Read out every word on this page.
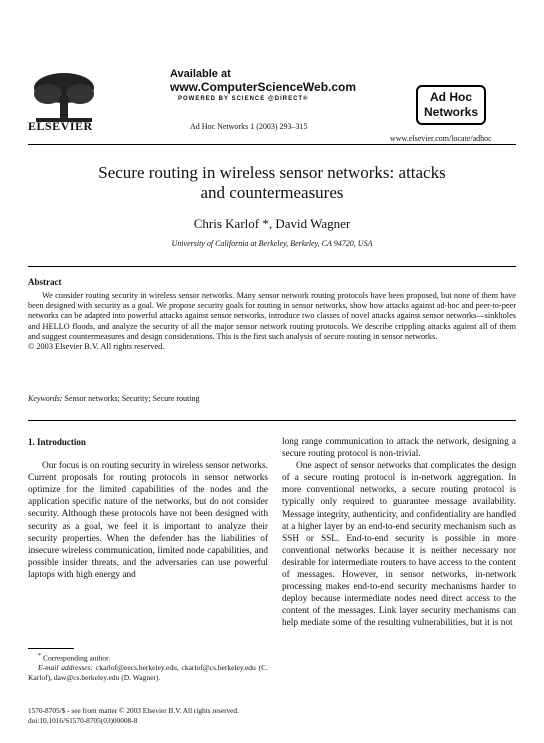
ELSEVIER
Available at
www.ComputerScienceWeb.com
POWERED BY SCIENCE @DIRECT®
Ad Hoc Networks 1 (2003) 293–315
Ad Hoc
Networks
www.elsevier.com/locate/adhoc
Secure routing in wireless sensor networks: attacks
and countermeasures
Chris Karlof *, David Wagner
University of California at Berkeley, Berkeley, CA 94720, USA
Abstract

We consider routing security in wireless sensor networks. Many sensor network routing protocols have been proposed, but none of them have been designed with security as a goal. We propose security goals for routing in sensor networks, show how attacks against ad-hoc and peer-to-peer networks can be adapted into powerful attacks against sensor networks, introduce two classes of novel attacks against sensor networks—sinkholes and HELLO floods, and analyze the security of all the major sensor network routing protocols. We describe crippling attacks against all of them and suggest countermeasures and design considerations. This is the first such analysis of secure routing in sensor networks.

© 2003 Elsevier B.V. All rights reserved.
Keywords: Sensor networks; Security; Secure routing

1. Introduction

Our focus is on routing security in wireless sensor networks. Current proposals for routing protocols in sensor networks optimize for the limited capabilities of the nodes and the application specific nature of the networks, but do not consider security. Although these protocols have not been designed with security as a goal, we feel it is important to analyze their security properties. When the defender has the liabilities of insecure wireless communication, limited node capabilities, and possible insider threats, and the adversaries can use powerful laptops with high energy and

long range communication to attack the network, designing a secure routing protocol is non-trivial.

One aspect of sensor networks that complicates the design of a secure routing protocol is in-network aggregation. In more conventional networks, a secure routing protocol is typically only required to guarantee message availability. Message integrity, authenticity, and confidentiality are handled at a higher layer by an end-to-end security mechanism such as SSH or SSL. End-to-end security is possible in more conventional networks because it is neither necessary nor desirable for intermediate routers to have access to the content of messages. However, in sensor networks, in-network processing makes end-to-end security mechanisms harder to deploy because intermediate nodes need direct access to the content of the messages. Link layer security mechanisms can help mediate some of the resulting vulnerabilities, but it is not

* Corresponding author.
E-mail addresses: ckarlof@eecs.berkeley.edu, ckarlof@cs.berkeley.edu (C. Karlof), daw@cs.berkeley.edu (D. Wagner).
1570-8705/$ - see front matter © 2003 Elsevier B.V. All rights reserved.
doi:10.1016/S1570-8705(03)00008-8
